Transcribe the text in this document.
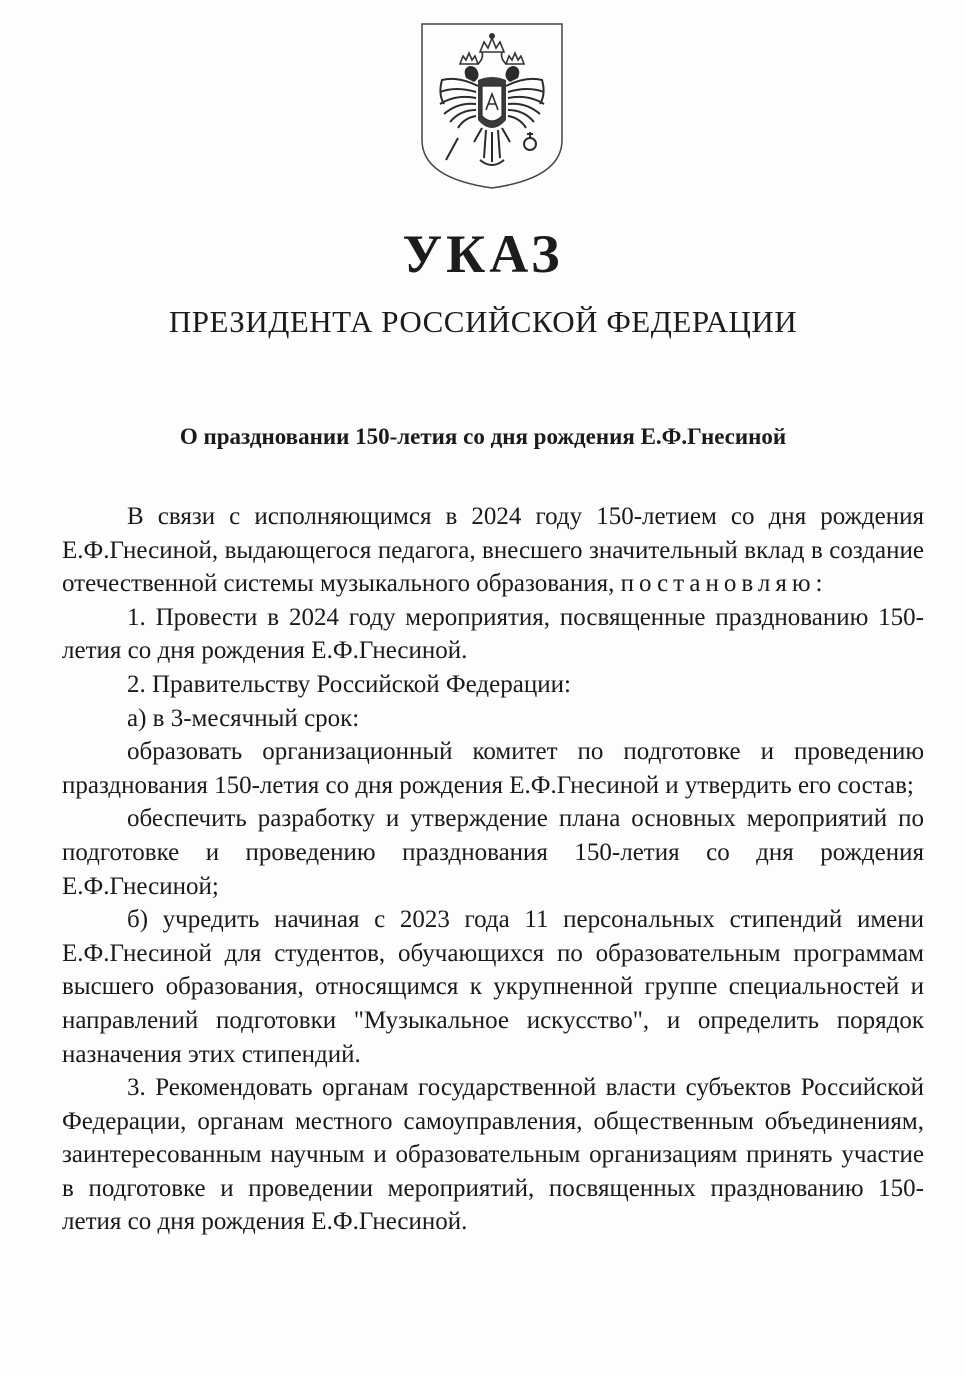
УКАЗ
ПРЕЗИДЕНТА РОССИЙСКОЙ ФЕДЕРАЦИИ
О праздновании 150-летия со дня рождения Е.Ф.Гнесиной

В связи с исполняющимся в 2024 году 150-летием со дня рождения Е.Ф.Гнесиной, выдающегося педагога, внесшего значительный вклад в создание отечественной системы музыкального образования, постановляю:

1. Провести в 2024 году мероприятия, посвященные празднованию 150-летия со дня рождения Е.Ф.Гнесиной.

2. Правительству Российской Федерации:

а) в 3-месячный срок:

образовать организационный комитет по подготовке и проведению празднования 150-летия со дня рождения Е.Ф.Гнесиной и утвердить его состав;

обеспечить разработку и утверждение плана основных мероприятий по подготовке и проведению празднования 150-летия со дня рождения Е.Ф.Гнесиной;

б) учредить начиная с 2023 года 11 персональных стипендий имени Е.Ф.Гнесиной для студентов, обучающихся по образовательным программам высшего образования, относящимся к укрупненной группе специальностей и направлений подготовки "Музыкальное искусство", и определить порядок назначения этих стипендий.

3. Рекомендовать органам государственной власти субъектов Российской Федерации, органам местного самоуправления, общественным объединениям, заинтересованным научным и образовательным организациям принять участие в подготовке и проведении мероприятий, посвященных празднованию 150-летия со дня рождения Е.Ф.Гнесиной.
